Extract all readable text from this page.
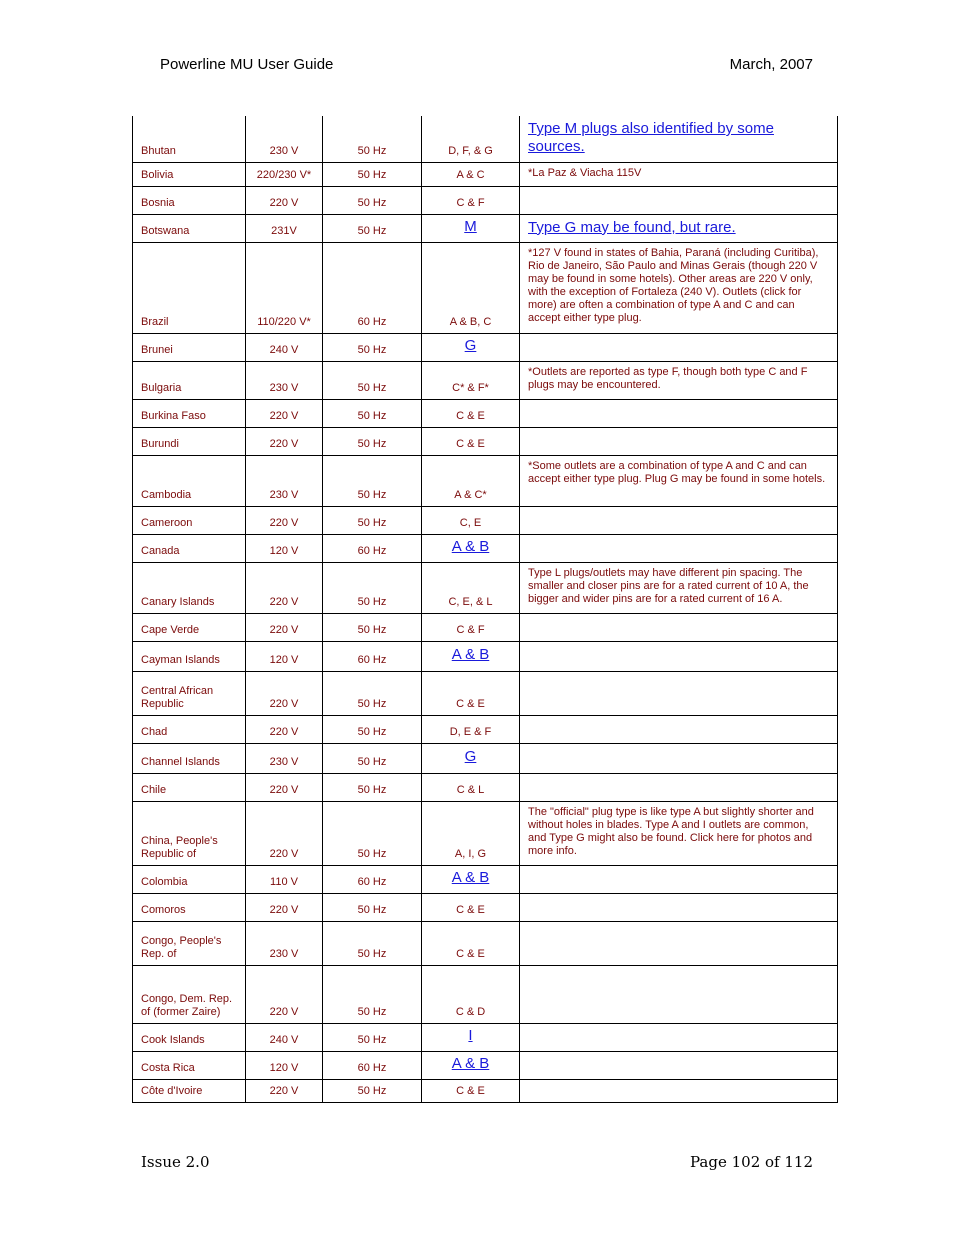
Powerline MU User Guide	March, 2007
Bhutan	230 V	50 Hz	D, F, & G	Type M plugs also identified by some sources.
Bolivia	220/230 V*	50 Hz	A & C	*La Paz & Viacha 115V
Bosnia	220 V	50 Hz	C & F	
Botswana	231V	50 Hz	M	Type G may be found, but rare.
Brazil	110/220 V*	60 Hz	A & B, C	*127 V found in states of Bahia, Paraná (including Curitiba), Rio de Janeiro, São Paulo and Minas Gerais (though 220 V may be found in some hotels). Other areas are 220 V only, with the exception of Fortaleza (240 V). Outlets (click for more) are often a combination of type A and C and can accept either type plug.
Brunei	240 V	50 Hz	G	
Bulgaria	230 V	50 Hz	C* & F*	*Outlets are reported as type F, though both type C and F plugs may be encountered.
Burkina Faso	220 V	50 Hz	C & E	
Burundi	220 V	50 Hz	C & E	
Cambodia	230 V	50 Hz	A & C*	*Some outlets are a combination of type A and C and can accept either type plug. Plug G may be found in some hotels.
Cameroon	220 V	50 Hz	C, E	
Canada	120 V	60 Hz	A & B	
Canary Islands	220 V	50 Hz	C, E, & L	Type L plugs/outlets may have different pin spacing. The smaller and closer pins are for a rated current of 10 A, the bigger and wider pins are for a rated current of 16 A.
Cape Verde	220 V	50 Hz	C & F	
Cayman Islands	120 V	60 Hz	A & B	
Central African Republic	220 V	50 Hz	C & E	
Chad	220 V	50 Hz	D, E & F	
Channel Islands	230 V	50 Hz	G	
Chile	220 V	50 Hz	C & L	
China, People's Republic of	220 V	50 Hz	A, I, G	The "official" plug type is like type A but slightly shorter and without holes in blades. Type A and I outlets are common, and Type G might also be found. Click here for photos and more info.
Colombia	110 V	60 Hz	A & B	
Comoros	220 V	50 Hz	C & E	
Congo, People's Rep. of	230 V	50 Hz	C & E	
Congo, Dem. Rep. of (former Zaire)	220 V	50 Hz	C & D	
Cook Islands	240 V	50 Hz	I	
Costa Rica	120 V	60 Hz	A & B	
Côte d'Ivoire	220 V	50 Hz	C & E	
Issue 2.0	Page 102 of 112
